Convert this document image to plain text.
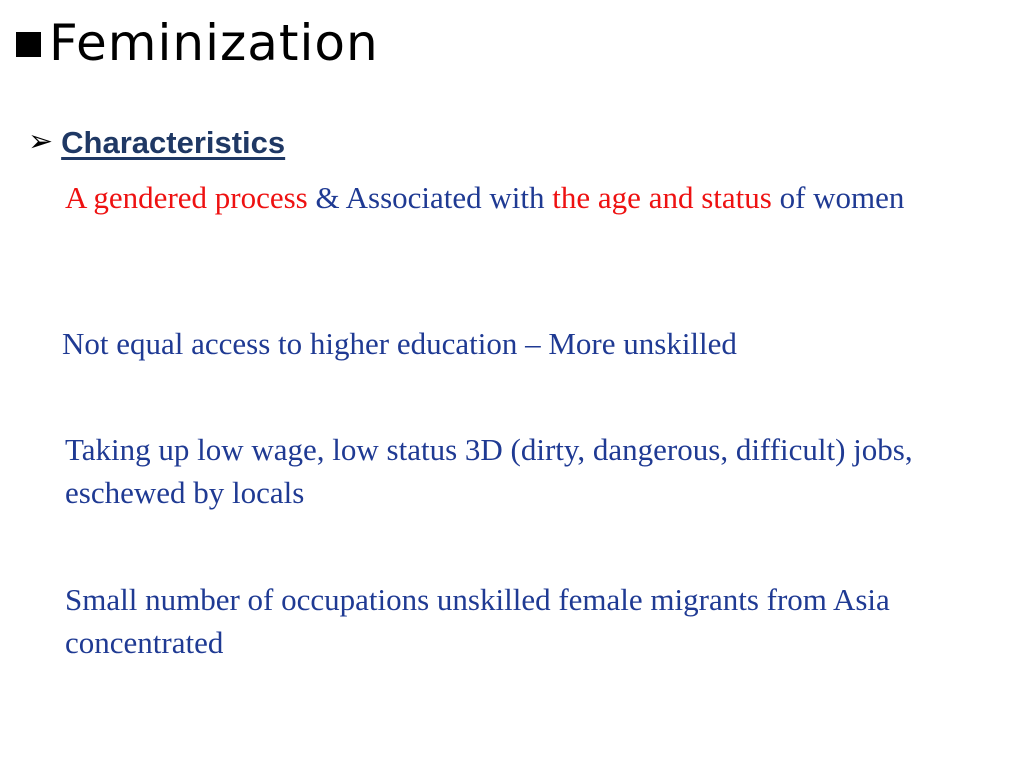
Feminization
➢ Characteristics
A gendered process & Associated with the age and status of women
Not equal access to higher education – More unskilled
Taking up low wage, low status 3D (dirty, dangerous, difficult) jobs, eschewed by locals
Small number of occupations unskilled female migrants from Asia concentrated
